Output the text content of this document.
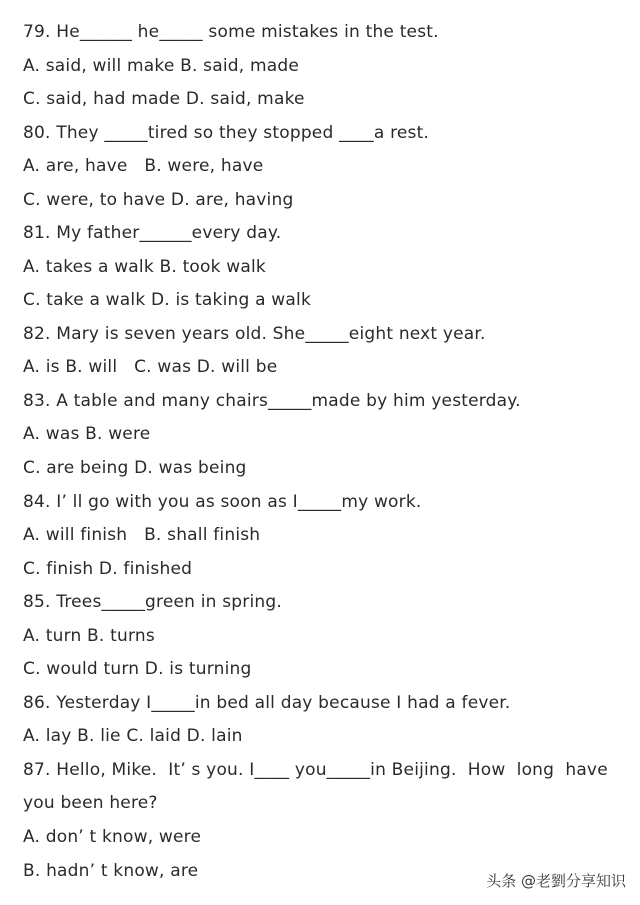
79. He______ he_____ some mistakes in the test.
A. said, will make B. said, made
C. said, had made D. said, make
80. They _____tired so they stopped ____a rest.
A. are, have   B. were, have
C. were, to have D. are, having
81. My father______every day.
A. takes a walk B. took walk
C. take a walk D. is taking a walk
82. Mary is seven years old. She_____eight next year.
A. is B. will   C. was D. will be
83. A table and many chairs_____made by him yesterday.
A. was B. were
C. are being D. was being
84. I’ ll go with you as soon as I_____my work.
A. will finish   B. shall finish
C. finish D. finished
85. Trees_____green in spring.
A. turn B. turns
C. would turn D. is turning
86. Yesterday I_____in bed all day because I had a fever.
A. lay B. lie C. laid D. lain
87. Hello, Mike.  It’ s you. I____ you_____in Beijing.  How  long  have
you been here?
A. don’ t know, were
B. hadn’ t know, are	头条 @老劉分享知识
